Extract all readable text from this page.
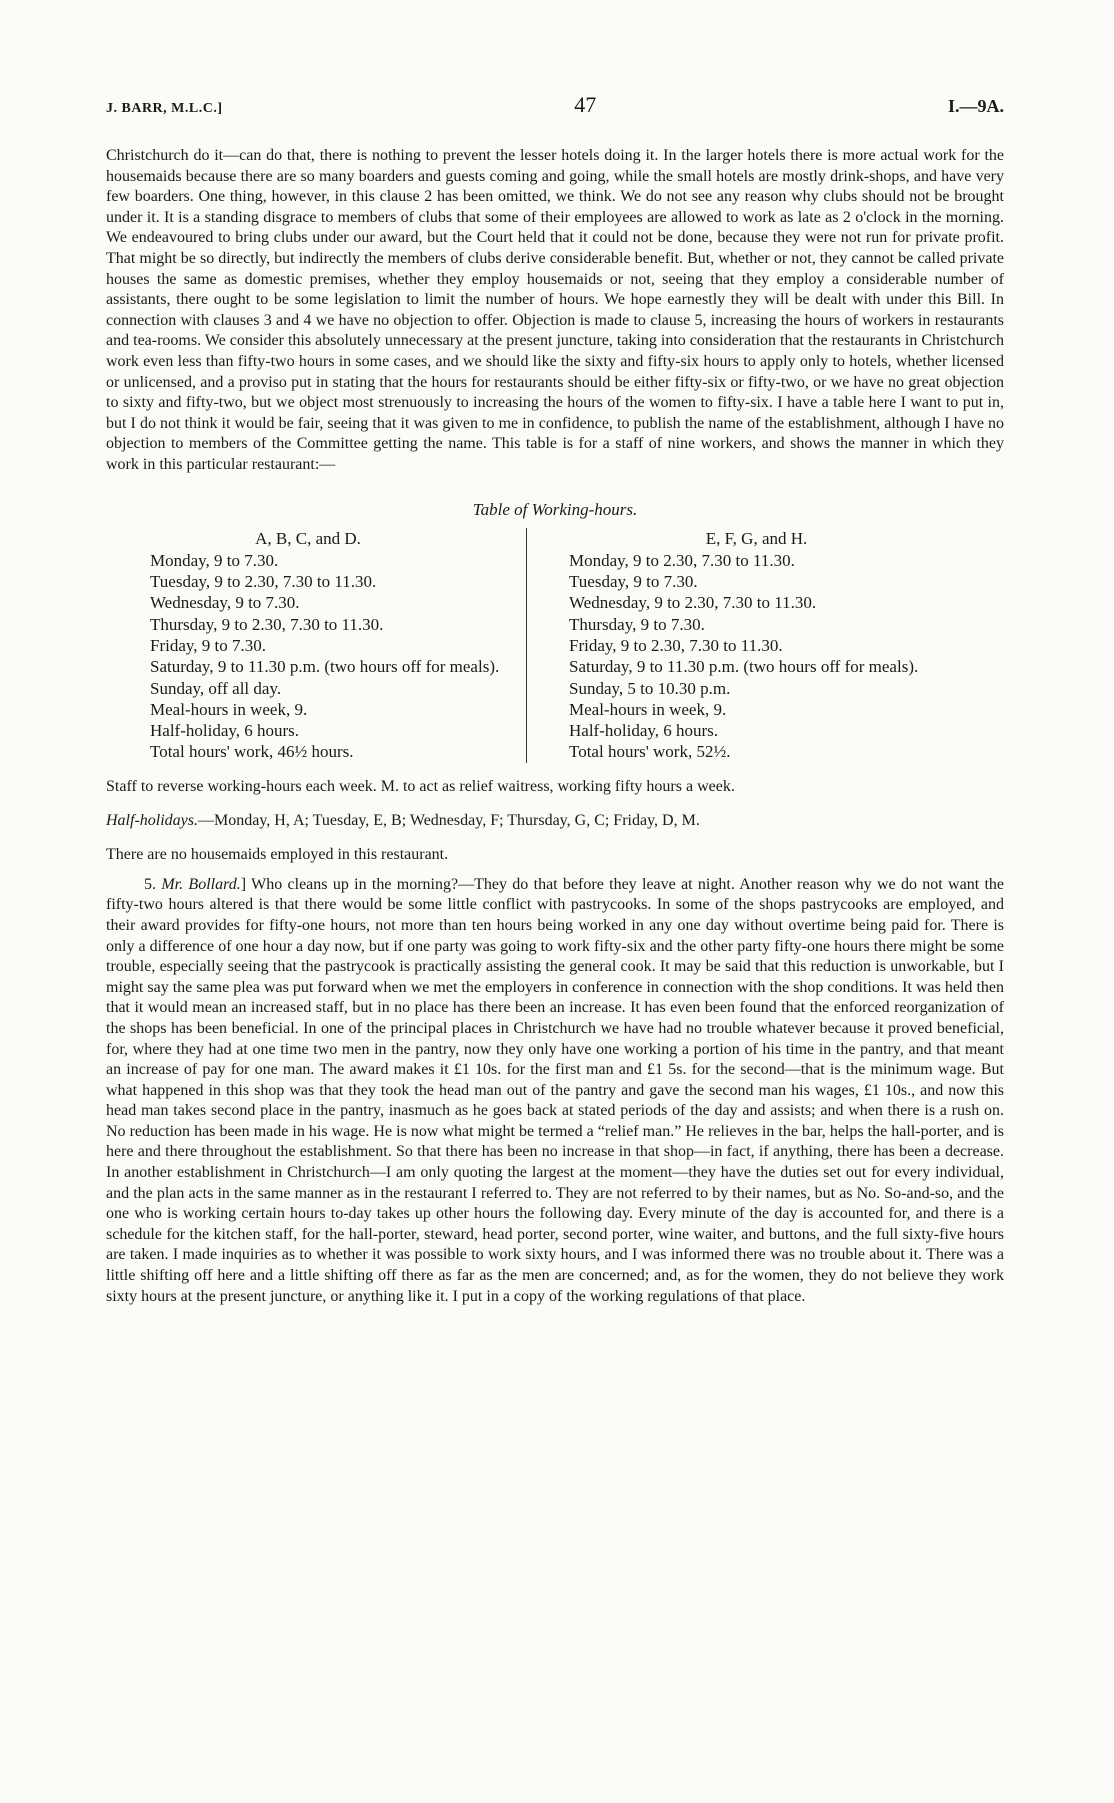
J. BARR, M.L.C.]	47	I.—9A.

Christchurch do it—can do that, there is nothing to prevent the lesser hotels doing it. In the larger hotels there is more actual work for the housemaids because there are so many boarders and guests coming and going, while the small hotels are mostly drink-shops, and have very few boarders. One thing, however, in this clause 2 has been omitted, we think. We do not see any reason why clubs should not be brought under it. It is a standing disgrace to members of clubs that some of their employees are allowed to work as late as 2 o'clock in the morning. We endeavoured to bring clubs under our award, but the Court held that it could not be done, because they were not run for private profit. That might be so directly, but indirectly the members of clubs derive considerable benefit. But, whether or not, they cannot be called private houses the same as domestic premises, whether they employ housemaids or not, seeing that they employ a considerable number of assistants, there ought to be some legislation to limit the number of hours. We hope earnestly they will be dealt with under this Bill. In connection with clauses 3 and 4 we have no objection to offer. Objection is made to clause 5, increasing the hours of workers in restaurants and tea-rooms. We consider this absolutely unnecessary at the present juncture, taking into consideration that the restaurants in Christchurch work even less than fifty-two hours in some cases, and we should like the sixty and fifty-six hours to apply only to hotels, whether licensed or unlicensed, and a proviso put in stating that the hours for restaurants should be either fifty-six or fifty-two, or we have no great objection to sixty and fifty-two, but we object most strenuously to increasing the hours of the women to fifty-six. I have a table here I want to put in, but I do not think it would be fair, seeing that it was given to me in confidence, to publish the name of the establishment, although I have no objection to members of the Committee getting the name. This table is for a staff of nine workers, and shows the manner in which they work in this particular restaurant:—

Table of Working-hours.
A, B, C, and D.
Monday, 9 to 7.30.
Tuesday, 9 to 2.30, 7.30 to 11.30.
Wednesday, 9 to 7.30.
Thursday, 9 to 2.30, 7.30 to 11.30.
Friday, 9 to 7.30.
Saturday, 9 to 11.30 p.m. (two hours off for meals).
Sunday, off all day.
Meal-hours in week, 9.
Half-holiday, 6 hours.
Total hours' work, 46½ hours.
E, F, G, and H.
Monday, 9 to 2.30, 7.30 to 11.30.
Tuesday, 9 to 7.30.
Wednesday, 9 to 2.30, 7.30 to 11.30.
Thursday, 9 to 7.30.
Friday, 9 to 2.30, 7.30 to 11.30.
Saturday, 9 to 11.30 p.m. (two hours off for meals).
Sunday, 5 to 10.30 p.m.
Meal-hours in week, 9.
Half-holiday, 6 hours.
Total hours' work, 52½.

Staff to reverse working-hours each week. M. to act as relief waitress, working fifty hours a week.

Half-holidays.—Monday, H, A; Tuesday, E, B; Wednesday, F; Thursday, G, C; Friday, D, M.

There are no housemaids employed in this restaurant.

5. Mr. Bollard.] Who cleans up in the morning?—They do that before they leave at night. Another reason why we do not want the fifty-two hours altered is that there would be some little conflict with pastrycooks. In some of the shops pastrycooks are employed, and their award provides for fifty-one hours, not more than ten hours being worked in any one day without overtime being paid for. There is only a difference of one hour a day now, but if one party was going to work fifty-six and the other party fifty-one hours there might be some trouble, especially seeing that the pastrycook is practically assisting the general cook. It may be said that this reduction is unworkable, but I might say the same plea was put forward when we met the employers in conference in connection with the shop conditions. It was held then that it would mean an increased staff, but in no place has there been an increase. It has even been found that the enforced reorganization of the shops has been beneficial. In one of the principal places in Christchurch we have had no trouble whatever because it proved beneficial, for, where they had at one time two men in the pantry, now they only have one working a portion of his time in the pantry, and that meant an increase of pay for one man. The award makes it £1 10s. for the first man and £1 5s. for the second—that is the minimum wage. But what happened in this shop was that they took the head man out of the pantry and gave the second man his wages, £1 10s., and now this head man takes second place in the pantry, inasmuch as he goes back at stated periods of the day and assists; and when there is a rush on. No reduction has been made in his wage. He is now what might be termed a “relief man.” He relieves in the bar, helps the hall-porter, and is here and there throughout the establishment. So that there has been no increase in that shop—in fact, if anything, there has been a decrease. In another establishment in Christchurch—I am only quoting the largest at the moment—they have the duties set out for every individual, and the plan acts in the same manner as in the restaurant I referred to. They are not referred to by their names, but as No. So-and-so, and the one who is working certain hours to-day takes up other hours the following day. Every minute of the day is accounted for, and there is a schedule for the kitchen staff, for the hall-porter, steward, head porter, second porter, wine waiter, and buttons, and the full sixty-five hours are taken. I made inquiries as to whether it was possible to work sixty hours, and I was informed there was no trouble about it. There was a little shifting off here and a little shifting off there as far as the men are concerned; and, as for the women, they do not believe they work sixty hours at the present juncture, or anything like it. I put in a copy of the working regulations of that place.
